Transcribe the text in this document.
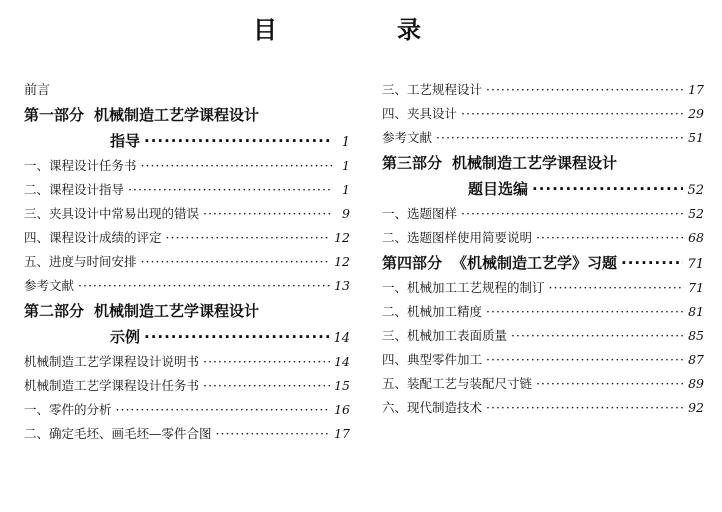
目　录
前言
第一部分 机械制造工艺学课程设计
指导 ·····	1
一、课程设计任务书 ·····	1
二、课程设计指导 ·····	1
三、夹具设计中常易出现的错误 ·····	9
四、课程设计成绩的评定 ·····	12
五、进度与时间安排 ·····	12
参考文献 ·····	13
第二部分 机械制造工艺学课程设计
示例 ·····	14
机械制造工艺学课程设计说明书 ·····	14
机械制造工艺学课程设计任务书 ·····	15
一、零件的分析 ·····	16
二、确定毛坯、画毛坯—零件合图 ·····	17
三、工艺规程设计 ·····	17
四、夹具设计 ·····	29
参考文献 ·····	51
第三部分 机械制造工艺学课程设计
题目选编 ·····	52
一、选题图样 ·····	52
二、选题图样使用简要说明 ·····	68
第四部分 《机械制造工艺学》习题 ·····	71
一、机械加工工艺规程的制订 ·····	71
二、机械加工精度 ·····	81
三、机械加工表面质量 ·····	85
四、典型零件加工 ·····	87
五、装配工艺与装配尺寸链 ·····	89
六、现代制造技术 ·····	92
